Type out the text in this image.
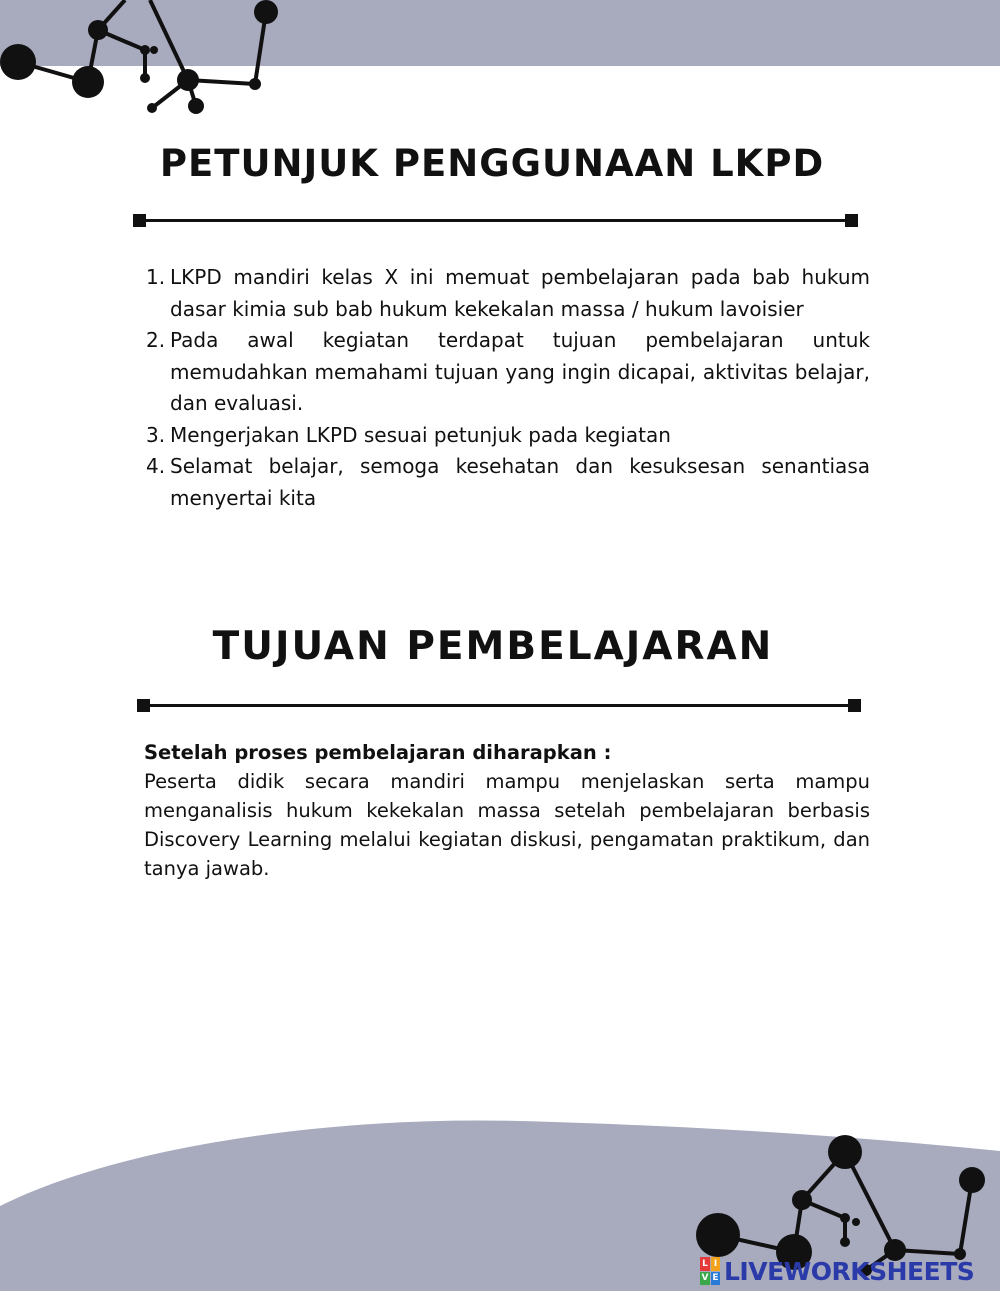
PETUNJUK PENGGUNAAN LKPD
1. LKPD mandiri kelas X ini memuat pembelajaran pada bab hukum dasar kimia sub bab hukum kekekalan massa / hukum lavoisier
2. Pada awal kegiatan terdapat tujuan pembelajaran untuk memudahkan memahami tujuan yang ingin dicapai, aktivitas belajar, dan evaluasi.
3. Mengerjakan LKPD sesuai petunjuk pada kegiatan
4. Selamat belajar, semoga kesehatan dan kesuksesan senantiasa menyertai kita
TUJUAN PEMBELAJARAN

Setelah proses pembelajaran diharapkan :

Peserta didik secara mandiri mampu menjelaskan serta mampu menganalisis hukum kekekalan massa setelah pembelajaran berbasis Discovery Learning melalui kegiatan diskusi, pengamatan praktikum, dan tanya jawab.

L I
V E LIVEWORKSHEETS
